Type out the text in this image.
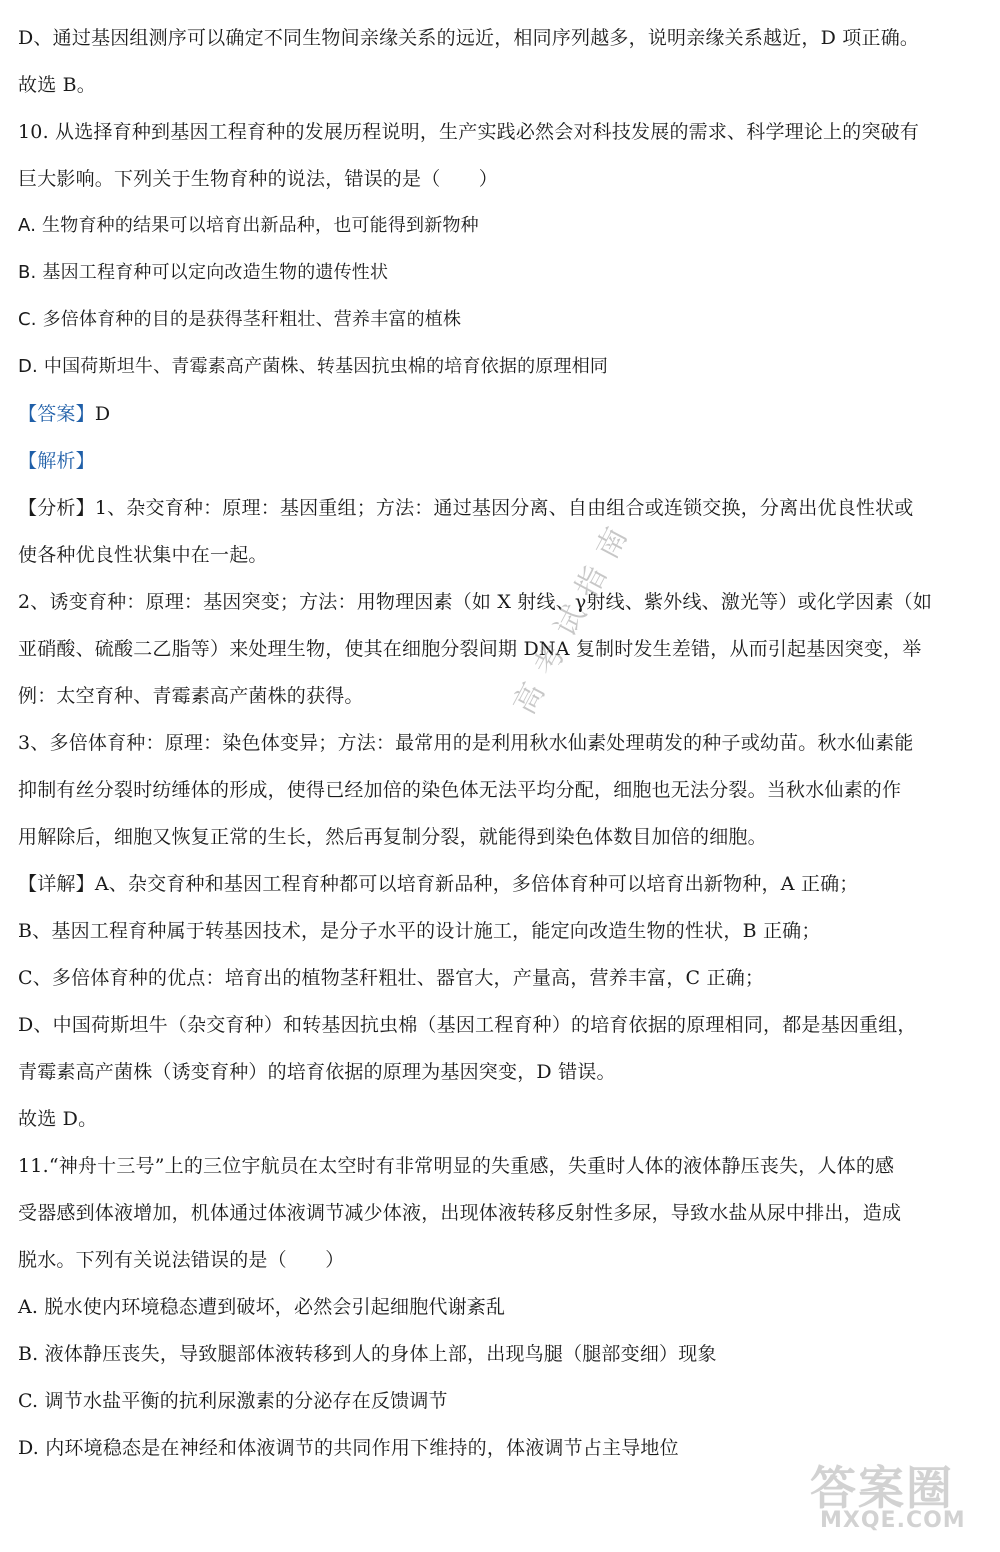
D、通过基因组测序可以确定不同生物间亲缘关系的远近，相同序列越多，说明亲缘关系越近，D 项正确。
故选 B。
10. 从选择育种到基因工程育种的发展历程说明，生产实践必然会对科技发展的需求、科学理论上的突破有
巨大影响。下列关于生物育种的说法，错误的是（　　）
A. 生物育种的结果可以培育出新品种，也可能得到新物种
B. 基因工程育种可以定向改造生物的遗传性状
C. 多倍体育种的目的是获得茎秆粗壮、营养丰富的植株
D. 中国荷斯坦牛、青霉素高产菌株、转基因抗虫棉的培育依据的原理相同
【答案】D
【解析】
【分析】1、杂交育种：原理：基因重组；方法：通过基因分离、自由组合或连锁交换，分离出优良性状或
使各种优良性状集中在一起。
2、诱变育种：原理：基因突变；方法：用物理因素（如 X 射线、γ射线、紫外线、激光等）或化学因素（如
亚硝酸、硫酸二乙脂等）来处理生物，使其在细胞分裂间期 DNA 复制时发生差错，从而引起基因突变，举
例：太空育种、青霉素高产菌株的获得。
3、多倍体育种：原理：染色体变异；方法：最常用的是利用秋水仙素处理萌发的种子或幼苗。秋水仙素能
抑制有丝分裂时纺缍体的形成，使得已经加倍的染色体无法平均分配，细胞也无法分裂。当秋水仙素的作
用解除后，细胞又恢复正常的生长，然后再复制分裂，就能得到染色体数目加倍的细胞。
【详解】A、杂交育种和基因工程育种都可以培育新品种，多倍体育种可以培育出新物种，A 正确；
B、基因工程育种属于转基因技术，是分子水平的设计施工，能定向改造生物的性状，B 正确；
C、多倍体育种的优点：培育出的植物茎秆粗壮、器官大，产量高，营养丰富，C 正确；
D、中国荷斯坦牛（杂交育种）和转基因抗虫棉（基因工程育种）的培育依据的原理相同，都是基因重组，
青霉素高产菌株（诱变育种）的培育依据的原理为基因突变，D 错误。
故选 D。
11.“神舟十三号”上的三位宇航员在太空时有非常明显的失重感，失重时人体的液体静压丧失，人体的感
受器感到体液增加，机体通过体液调节减少体液，出现体液转移反射性多尿，导致水盐从尿中排出，造成
脱水。下列有关说法错误的是（　　）
A. 脱水使内环境稳态遭到破坏，必然会引起细胞代谢紊乱
B. 液体静压丧失，导致腿部体液转移到人的身体上部，出现鸟腿（腿部变细）现象
C. 调节水盐平衡的抗利尿激素的分泌存在反馈调节
D. 内环境稳态是在神经和体液调节的共同作用下维持的，体液调节占主导地位
高考试指南
答案圈
MXQE.COM
